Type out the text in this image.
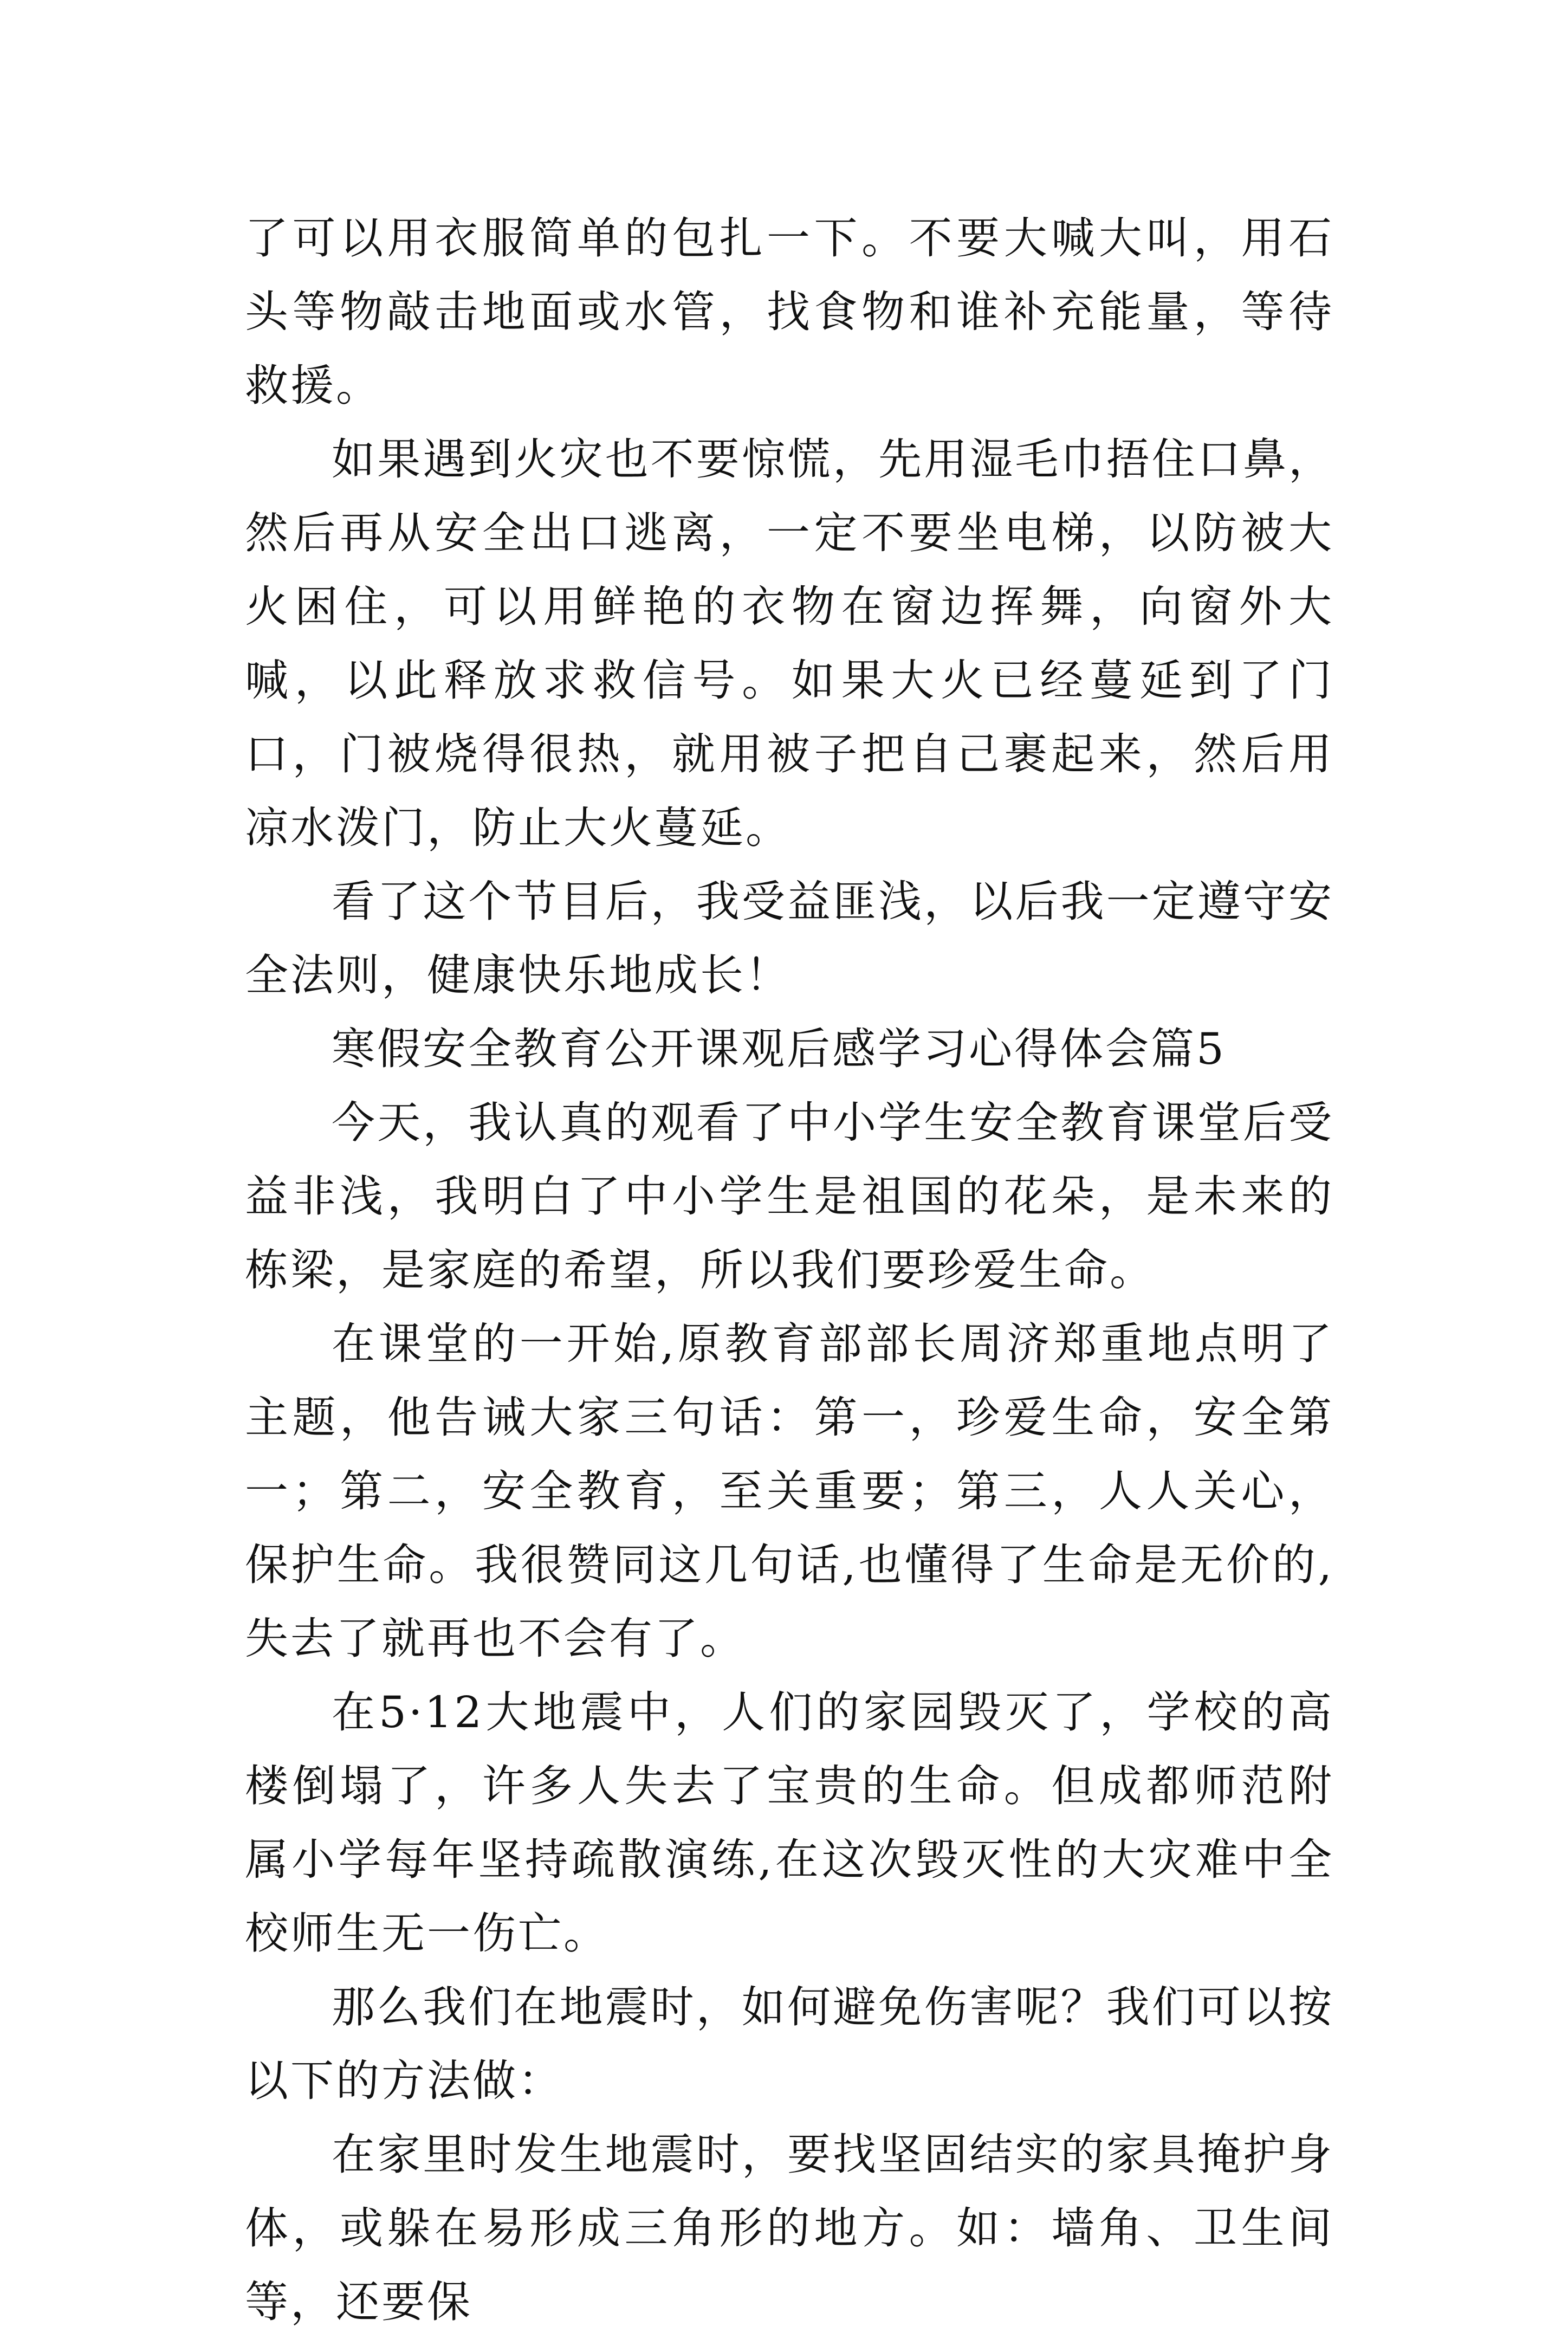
了可以用衣服简单的包扎一下。不要大喊大叫，用石头等物敲击地面或水管，找食物和谁补充能量，等待救援。

如果遇到火灾也不要惊慌，先用湿毛巾捂住口鼻，然后再从安全出口逃离，一定不要坐电梯，以防被大火困住，可以用鲜艳的衣物在窗边挥舞，向窗外大喊，以此释放求救信号。如果大火已经蔓延到了门口，门被烧得很热，就用被子把自己裹起来，然后用凉水泼门，防止大火蔓延。

看了这个节目后，我受益匪浅，以后我一定遵守安全法则，健康快乐地成长！

寒假安全教育公开课观后感学习心得体会篇5

今天，我认真的观看了中小学生安全教育课堂后受益非浅，我明白了中小学生是祖国的花朵，是未来的栋梁，是家庭的希望，所以我们要珍爱生命。

在课堂的一开始,原教育部部长周济郑重地点明了主题，他告诫大家三句话：第一，珍爱生命，安全第一；第二，安全教育，至关重要；第三，人人关心，保护生命。我很赞同这几句话,也懂得了生命是无价的,失去了就再也不会有了。

在5·12大地震中，人们的家园毁灭了，学校的高楼倒塌了，许多人失去了宝贵的生命。但成都师范附属小学每年坚持疏散演练,在这次毁灭性的大灾难中全校师生无一伤亡。

那么我们在地震时，如何避免伤害呢？我们可以按以下的方法做：

在家里时发生地震时，要找坚固结实的家具掩护身体，或躲在易形成三角形的地方。如：墙角、卫生间等，还要保
